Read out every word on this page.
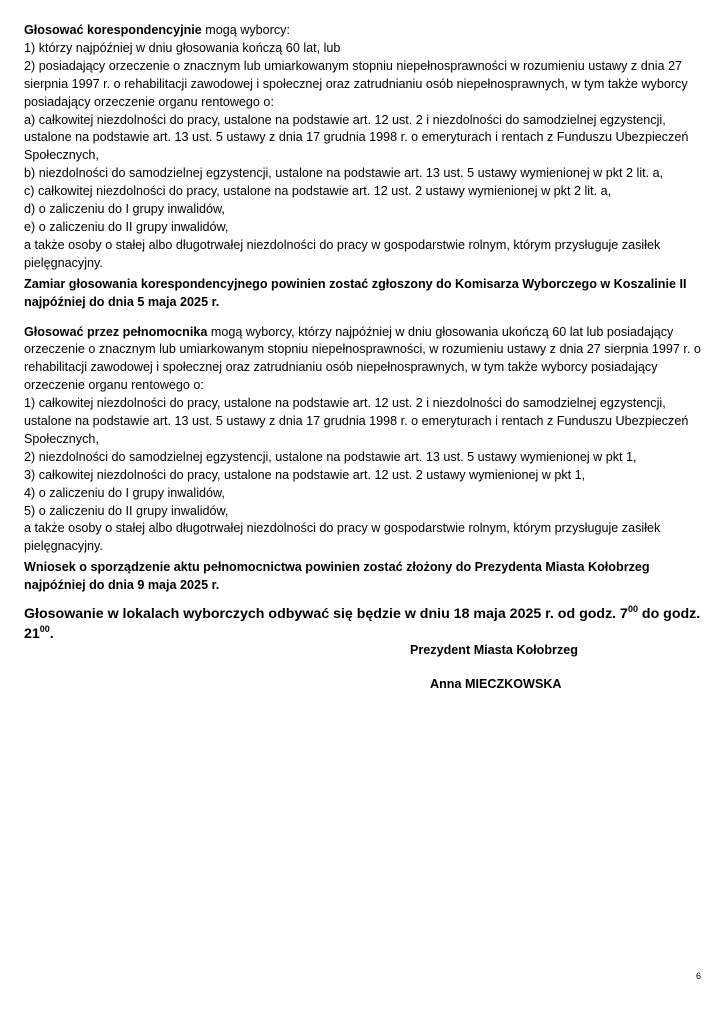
Głosować korespondencyjnie mogą wyborcy:

1) którzy najpóźniej w dniu głosowania kończą 60 lat, lub

2) posiadający orzeczenie o znacznym lub umiarkowanym stopniu niepełnosprawności w rozumieniu ustawy z dnia 27 sierpnia 1997 r. o rehabilitacji zawodowej i społecznej oraz zatrudnianiu osób niepełnosprawnych, w tym także wyborcy posiadający orzeczenie organu rentowego o:

a) całkowitej niezdolności do pracy, ustalone na podstawie art. 12 ust. 2 i niezdolności do samodzielnej egzystencji, ustalone na podstawie art. 13 ust. 5 ustawy z dnia 17 grudnia 1998 r. o emeryturach i rentach z Funduszu Ubezpieczeń Społecznych,

b) niezdolności do samodzielnej egzystencji, ustalone na podstawie art. 13 ust. 5 ustawy wymienionej w pkt 2 lit. a,

c) całkowitej niezdolności do pracy, ustalone na podstawie art. 12 ust. 2 ustawy wymienionej w pkt 2 lit. a,

d) o zaliczeniu do I grupy inwalidów,

e) o zaliczeniu do II grupy inwalidów,

a także osoby o stałej albo długotrwałej niezdolności do pracy w gospodarstwie rolnym, którym przysługuje zasiłek pielęgnacyjny.

Zamiar głosowania korespondencyjnego powinien zostać zgłoszony do Komisarza Wyborczego w Koszalinie II najpóźniej do dnia 5 maja 2025 r.

Głosować przez pełnomocnika mogą wyborcy, którzy najpóźniej w dniu głosowania ukończą 60 lat lub posiadający orzeczenie o znacznym lub umiarkowanym stopniu niepełnosprawności, w rozumieniu ustawy z dnia 27 sierpnia 1997 r. o rehabilitacji zawodowej i społecznej oraz zatrudnianiu osób niepełnosprawnych, w tym także wyborcy posiadający orzeczenie organu rentowego o:

1) całkowitej niezdolności do pracy, ustalone na podstawie art. 12 ust. 2 i niezdolności do samodzielnej egzystencji, ustalone na podstawie art. 13 ust. 5 ustawy z dnia 17 grudnia 1998 r. o emeryturach i rentach z Funduszu Ubezpieczeń Społecznych,

2) niezdolności do samodzielnej egzystencji, ustalone na podstawie art. 13 ust. 5 ustawy wymienionej w pkt 1,

3) całkowitej niezdolności do pracy, ustalone na podstawie art. 12 ust. 2 ustawy wymienionej w pkt 1,

4) o zaliczeniu do I grupy inwalidów,

5) o zaliczeniu do II grupy inwalidów,

a także osoby o stałej albo długotrwałej niezdolności do pracy w gospodarstwie rolnym, którym przysługuje zasiłek pielęgnacyjny.

Wniosek o sporządzenie aktu pełnomocnictwa powinien zostać złożony do Prezydenta Miasta Kołobrzeg najpóźniej do dnia 9 maja 2025 r.

Głosowanie w lokalach wyborczych odbywać się będzie w dniu 18 maja 2025 r. od godz. $7^{00}$ do godz. $21^{00}$.

Prezydent Miasta Kołobrzeg
Anna MIECZKOWSKA
6
